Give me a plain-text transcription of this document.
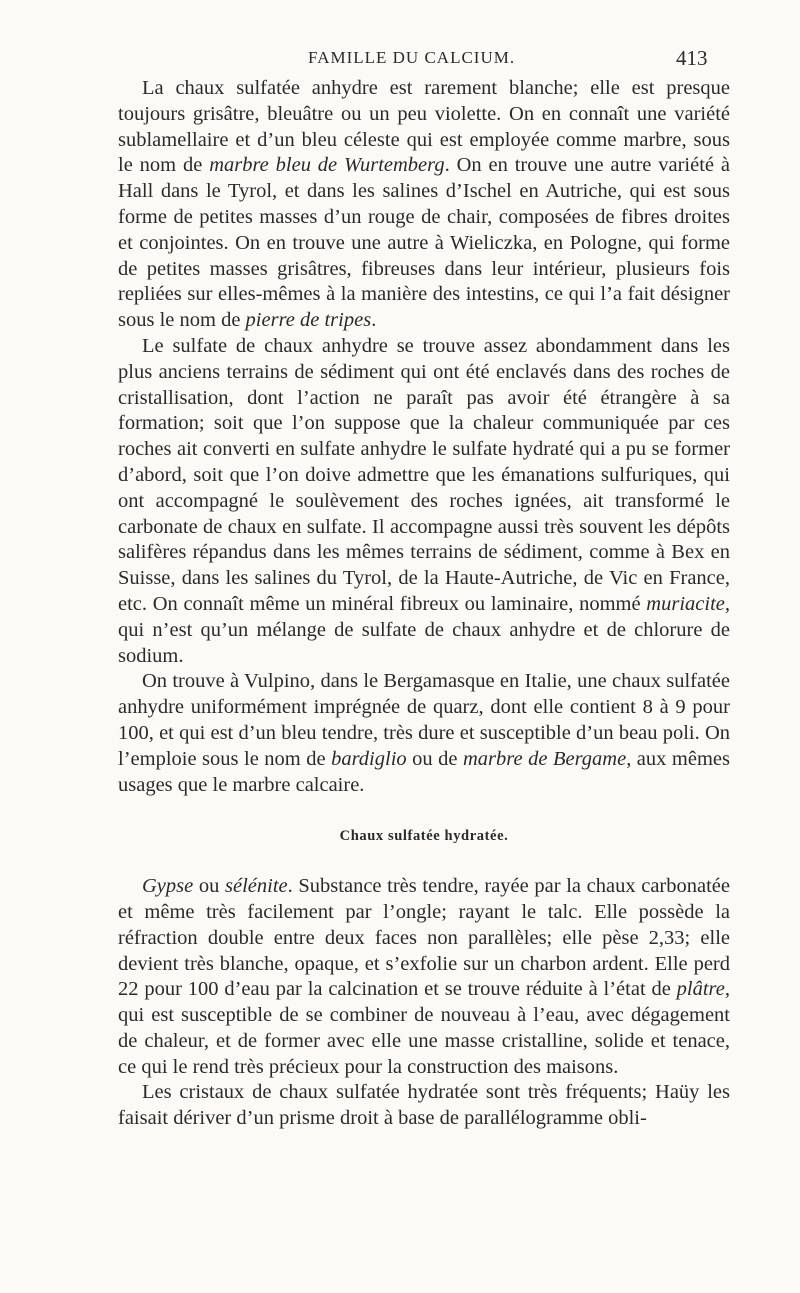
FAMILLE DU CALCIUM.	413

La chaux sulfatée anhydre est rarement blanche; elle est presque toujours grisâtre, bleuâtre ou un peu violette. On en connaît une variété sublamellaire et d’un bleu céleste qui est employée comme marbre, sous le nom de marbre bleu de Wurtemberg. On en trouve une autre variété à Hall dans le Tyrol, et dans les salines d’Ischel en Autriche, qui est sous forme de petites masses d’un rouge de chair, composées de fibres droites et conjointes. On en trouve une autre à Wieliczka, en Pologne, qui forme de petites masses grisâtres, fibreuses dans leur intérieur, plusieurs fois repliées sur elles-mêmes à la manière des intestins, ce qui l’a fait désigner sous le nom de pierre de tripes.

Le sulfate de chaux anhydre se trouve assez abondamment dans les plus anciens terrains de sédiment qui ont été enclavés dans des roches de cristallisation, dont l’action ne paraît pas avoir été étrangère à sa formation; soit que l’on suppose que la chaleur communiquée par ces roches ait converti en sulfate anhydre le sulfate hydraté qui a pu se former d’abord, soit que l’on doive admettre que les émanations sulfuriques, qui ont accompagné le soulèvement des roches ignées, ait transformé le carbonate de chaux en sulfate. Il accompagne aussi très souvent les dépôts salifères répandus dans les mêmes terrains de sédiment, comme à Bex en Suisse, dans les salines du Tyrol, de la Haute-Autriche, de Vic en France, etc. On connaît même un minéral fibreux ou laminaire, nommé muriacite, qui n’est qu’un mélange de sulfate de chaux anhydre et de chlorure de sodium.

On trouve à Vulpino, dans le Bergamasque en Italie, une chaux sulfatée anhydre uniformément imprégnée de quarz, dont elle contient 8 à 9 pour 100, et qui est d’un bleu tendre, très dure et susceptible d’un beau poli. On l’emploie sous le nom de bardiglio ou de marbre de Bergame, aux mêmes usages que le marbre calcaire.

Chaux sulfatée hydratée.

Gypse ou sélénite. Substance très tendre, rayée par la chaux carbonatée et même très facilement par l’ongle; rayant le talc. Elle possède la réfraction double entre deux faces non parallèles; elle pèse 2,33; elle devient très blanche, opaque, et s’exfolie sur un charbon ardent. Elle perd 22 pour 100 d’eau par la calcination et se trouve réduite à l’état de plâtre, qui est susceptible de se combiner de nouveau à l’eau, avec dégagement de chaleur, et de former avec elle une masse cristalline, solide et tenace, ce qui le rend très précieux pour la construction des maisons.

Les cristaux de chaux sulfatée hydratée sont très fréquents; Haüy les faisait dériver d’un prisme droit à base de parallélogramme obli-
